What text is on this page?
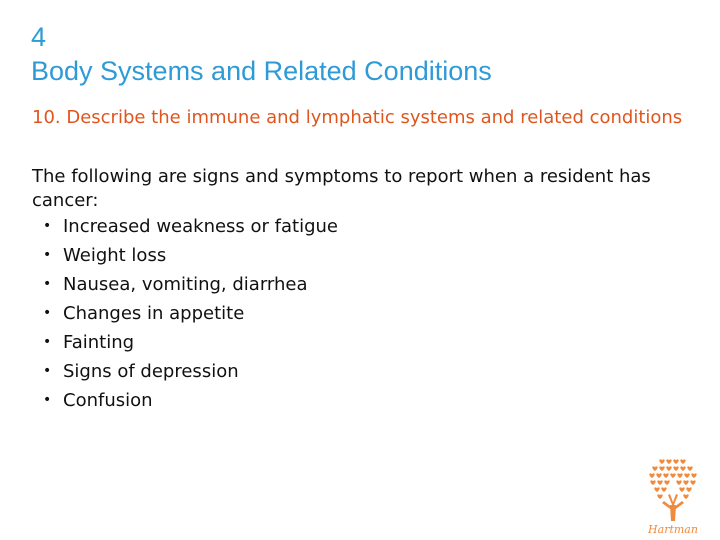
4
Body Systems and Related Conditions
10. Describe the immune and lymphatic systems and related conditions
The following are signs and symptoms to report when a resident has cancer:
• Increased weakness or fatigue
• Weight loss
• Nausea, vomiting, diarrhea
• Changes in appetite
• Fainting
• Signs of depression
• Confusion
Hartman
